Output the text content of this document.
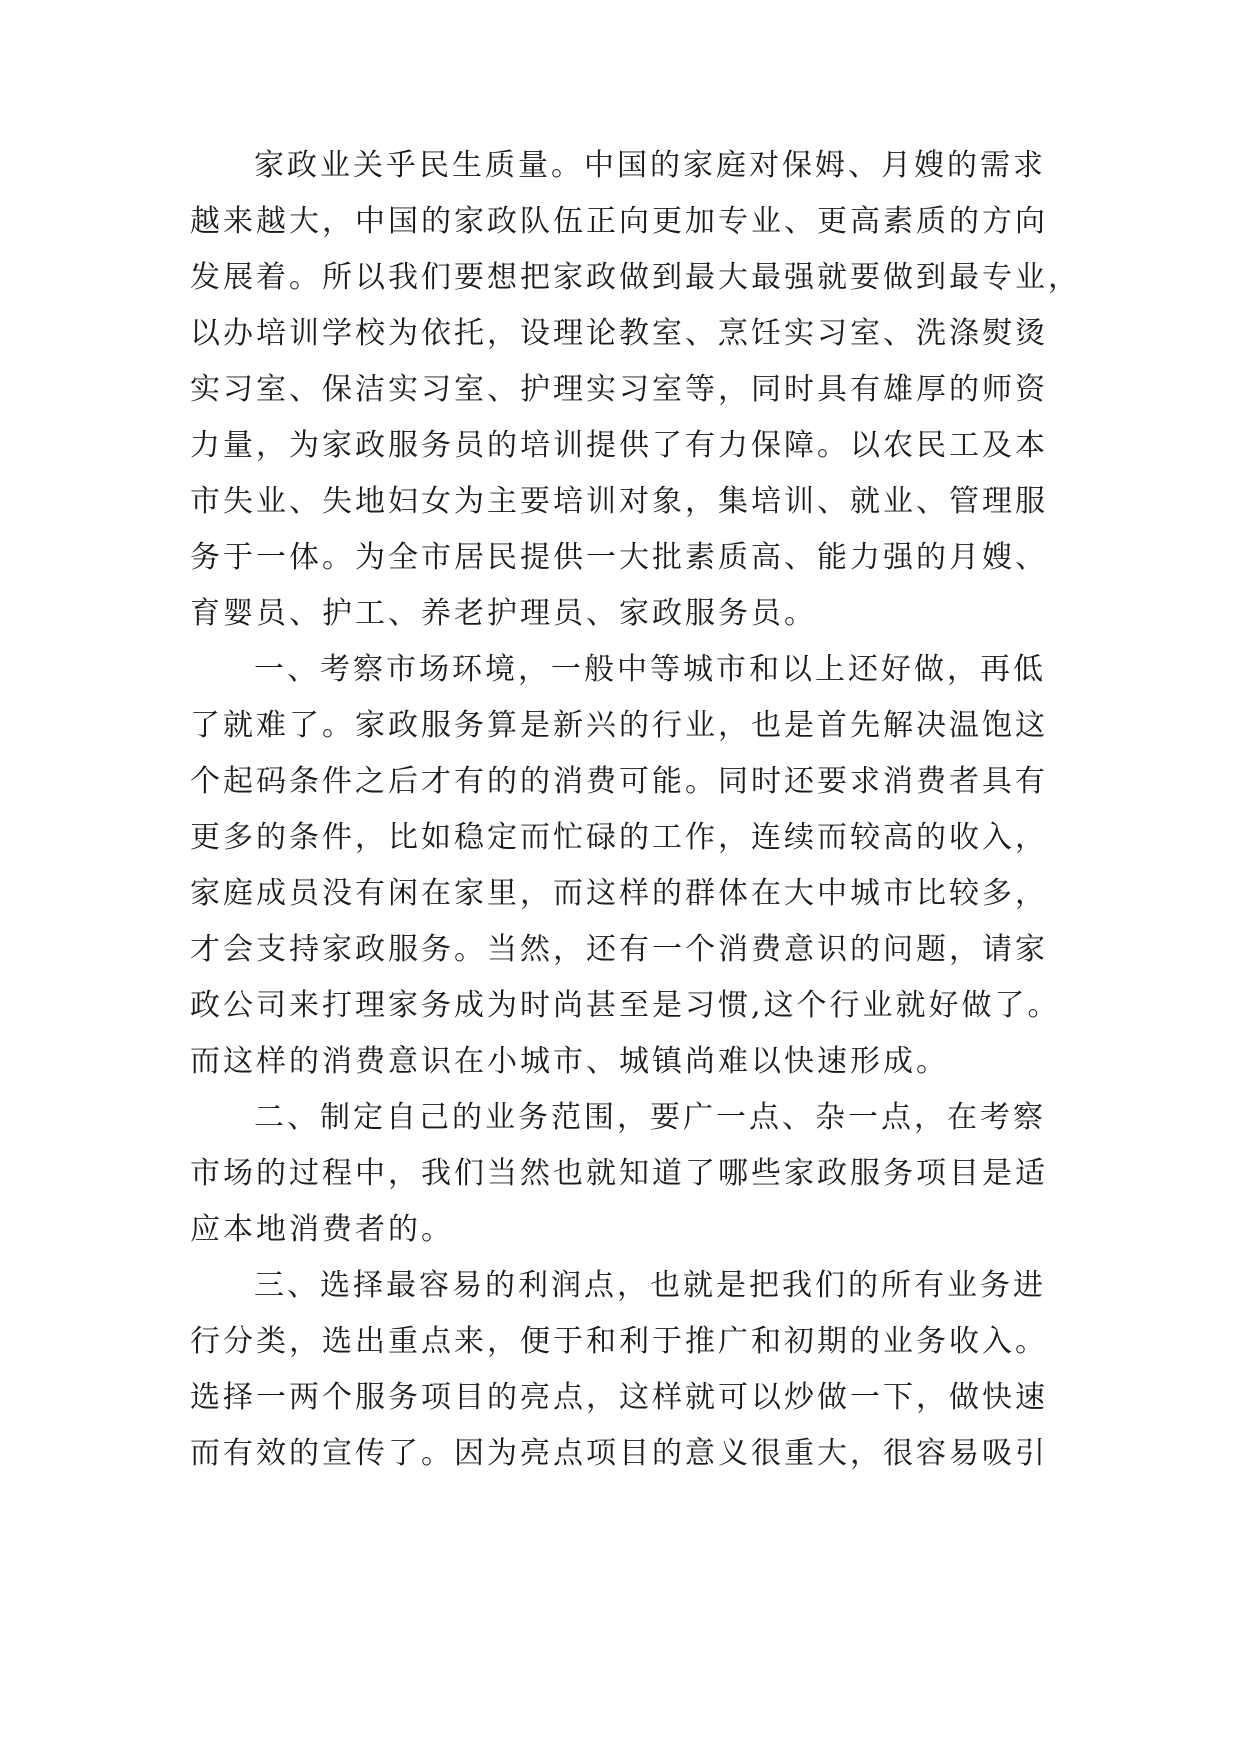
家政业关乎民生质量。中国的家庭对保姆、月嫂的需求
越来越大，中国的家政队伍正向更加专业、更高素质的方向
发展着。所以我们要想把家政做到最大最强就要做到最专业，
以办培训学校为依托，设理论教室、烹饪实习室、洗涤熨烫
实习室、保洁实习室、护理实习室等，同时具有雄厚的师资
力量，为家政服务员的培训提供了有力保障。以农民工及本
市失业、失地妇女为主要培训对象，集培训、就业、管理服
务于一体。为全市居民提供一大批素质高、能力强的月嫂、
育婴员、护工、养老护理员、家政服务员。
一、考察市场环境，一般中等城市和以上还好做，再低
了就难了。家政服务算是新兴的行业，也是首先解决温饱这
个起码条件之后才有的的消费可能。同时还要求消费者具有
更多的条件，比如稳定而忙碌的工作，连续而较高的收入，
家庭成员没有闲在家里，而这样的群体在大中城市比较多，
才会支持家政服务。当然，还有一个消费意识的问题，请家
政公司来打理家务成为时尚甚至是习惯,这个行业就好做了。
而这样的消费意识在小城市、城镇尚难以快速形成。
二、制定自己的业务范围，要广一点、杂一点，在考察
市场的过程中，我们当然也就知道了哪些家政服务项目是适
应本地消费者的。
三、选择最容易的利润点，也就是把我们的所有业务进
行分类，选出重点来，便于和利于推广和初期的业务收入。
选择一两个服务项目的亮点，这样就可以炒做一下，做快速
而有效的宣传了。因为亮点项目的意义很重大，很容易吸引
